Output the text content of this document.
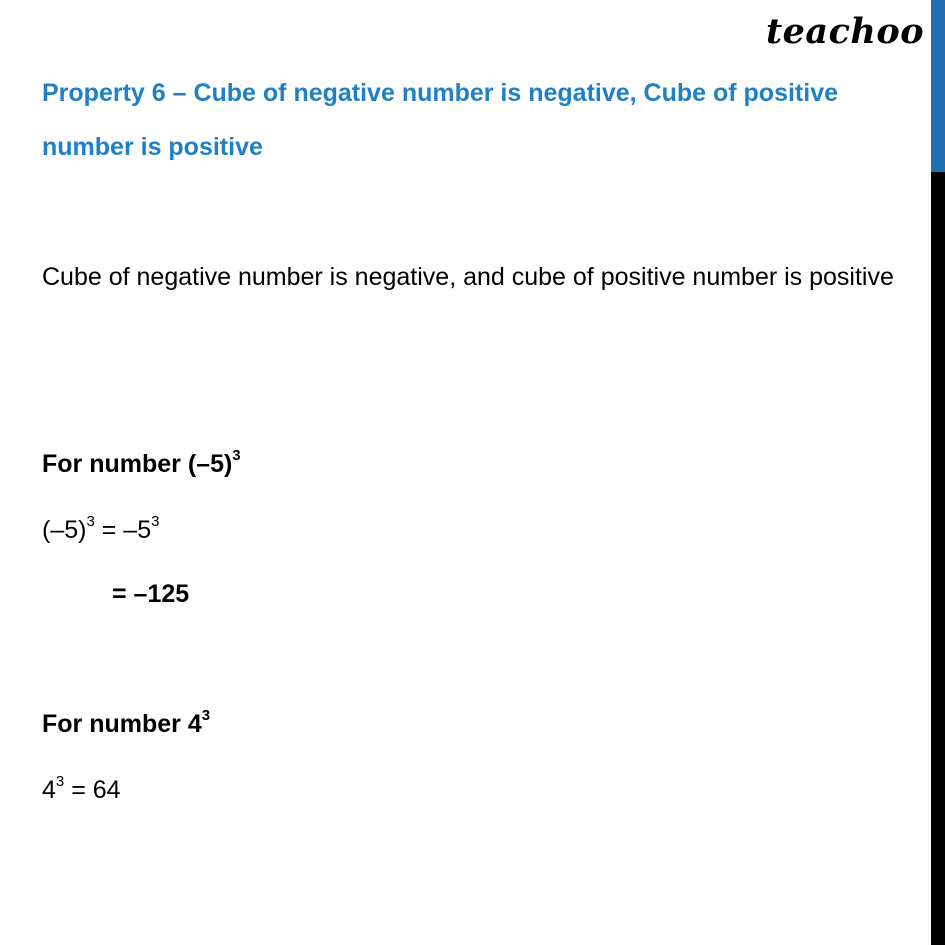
teachoo
Property 6 – Cube of negative number is negative, Cube of positive number is positive
Cube of negative number is negative, and cube of positive number is positive
For number $(-5)^3$
$(-5)^3 = -5^3$
= –125
For number $4^3$
$4^3 = 64$
